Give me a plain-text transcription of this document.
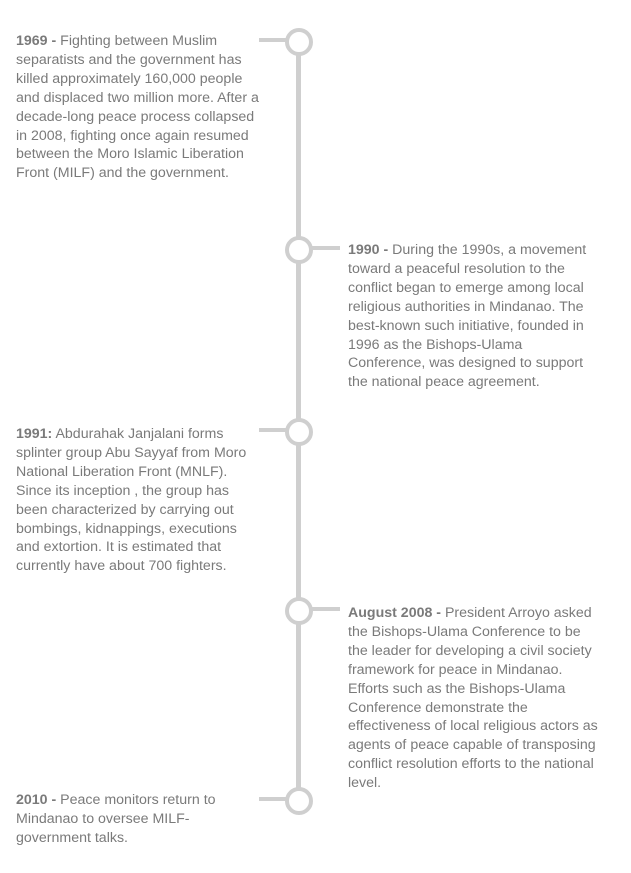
1969 - Fighting between Muslim separatists and the government has killed approximately 160,000 people and displaced two million more. After a decade-long peace process collapsed in 2008, fighting once again resumed between the Moro Islamic Liberation Front (MILF) and the government.
1990 - During the 1990s, a movement toward a peaceful resolution to the conflict began to emerge among local religious authorities in Mindanao. The best-known such initiative, founded in 1996 as the Bishops-Ulama Conference, was designed to support the national peace agreement.
1991: Abdurahak Janjalani forms splinter group Abu Sayyaf from Moro National Liberation Front (MNLF). Since its inception , the group has been characterized by carrying out bombings, kidnappings, executions and extortion. It is estimated that currently have about 700 fighters.
August 2008 - President Arroyo asked the Bishops-Ulama Conference to be the leader for developing a civil society framework for peace in Mindanao. Efforts such as the Bishops-Ulama Conference demonstrate the effectiveness of local religious actors as agents of peace capable of transposing conflict resolution efforts to the national level.
2010 - Peace monitors return to Mindanao to oversee MILF-government talks.
